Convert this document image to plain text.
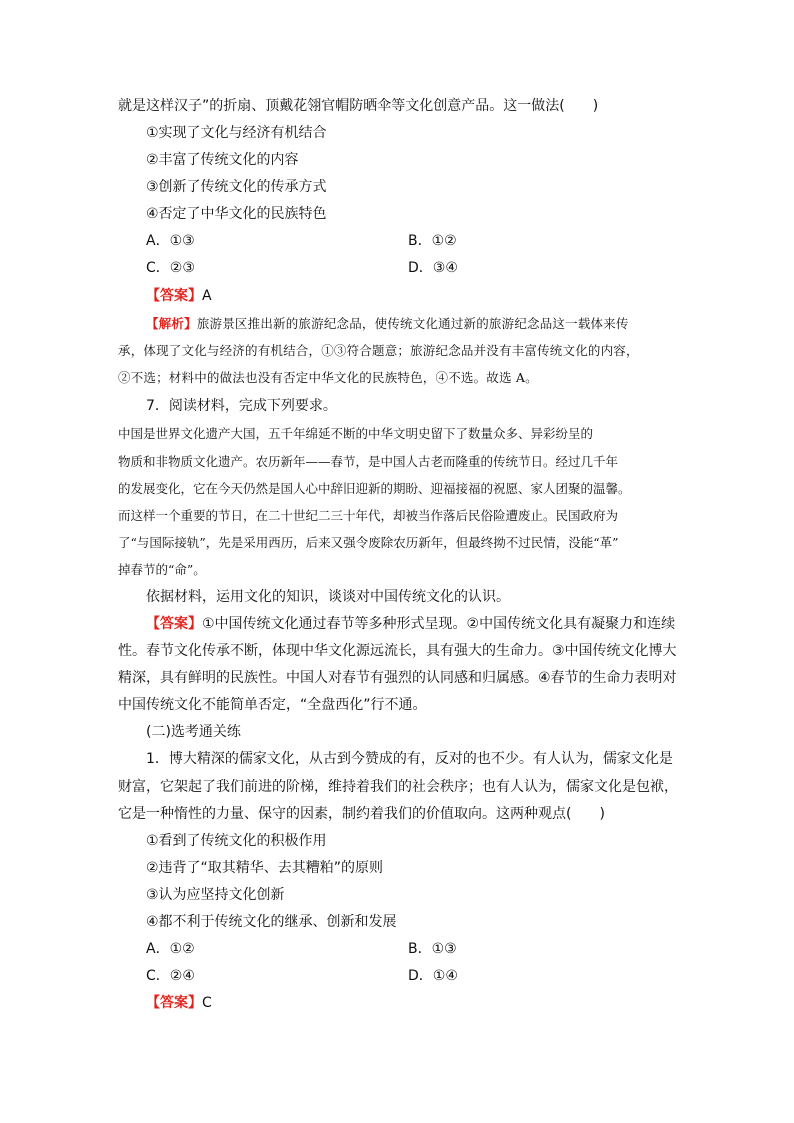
就是这样汉子”的折扇、顶戴花翎官帽防晒伞等文化创意产品。这一做法(　　)
①实现了文化与经济有机结合
②丰富了传统文化的内容
③创新了传统文化的传承方式
④否定了中华文化的民族特色
A．①③	B．①②
C．②③	D．③④
【答案】A
【解析】旅游景区推出新的旅游纪念品，使传统文化通过新的旅游纪念品这一载体来传
承，体现了文化与经济的有机结合，①③符合题意；旅游纪念品并没有丰富传统文化的内容，
②不选；材料中的做法也没有否定中华文化的民族特色，④不选。故选 A。
7．阅读材料，完成下列要求。
中国是世界文化遗产大国，五千年绵延不断的中华文明史留下了数量众多、异彩纷呈的
物质和非物质文化遗产。农历新年——春节，是中国人古老而隆重的传统节日。经过几千年
的发展变化，它在今天仍然是国人心中辞旧迎新的期盼、迎福接福的祝愿、家人团聚的温馨。
而这样一个重要的节日，在二十世纪二三十年代，却被当作落后民俗险遭废止。民国政府为
了“与国际接轨”，先是采用西历，后来又强令废除农历新年，但最终拗不过民情，没能“革”
掉春节的“命”。
依据材料，运用文化的知识，谈谈对中国传统文化的认识。
【答案】①中国传统文化通过春节等多种形式呈现。②中国传统文化具有凝聚力和连续
性。春节文化传承不断，体现中华文化源远流长，具有强大的生命力。③中国传统文化博大
精深，具有鲜明的民族性。中国人对春节有强烈的认同感和归属感。④春节的生命力表明对
中国传统文化不能简单否定，“全盘西化”行不通。
(二)选考通关练
1．博大精深的儒家文化，从古到今赞成的有，反对的也不少。有人认为，儒家文化是
财富，它架起了我们前进的阶梯，维持着我们的社会秩序；也有人认为，儒家文化是包袱，
它是一种惰性的力量、保守的因素，制约着我们的价值取向。这两种观点(　　)
①看到了传统文化的积极作用
②违背了“取其精华、去其糟粕”的原则
③认为应坚持文化创新
④都不利于传统文化的继承、创新和发展
A．①②	B．①③
C．②④	D．①④
【答案】C
